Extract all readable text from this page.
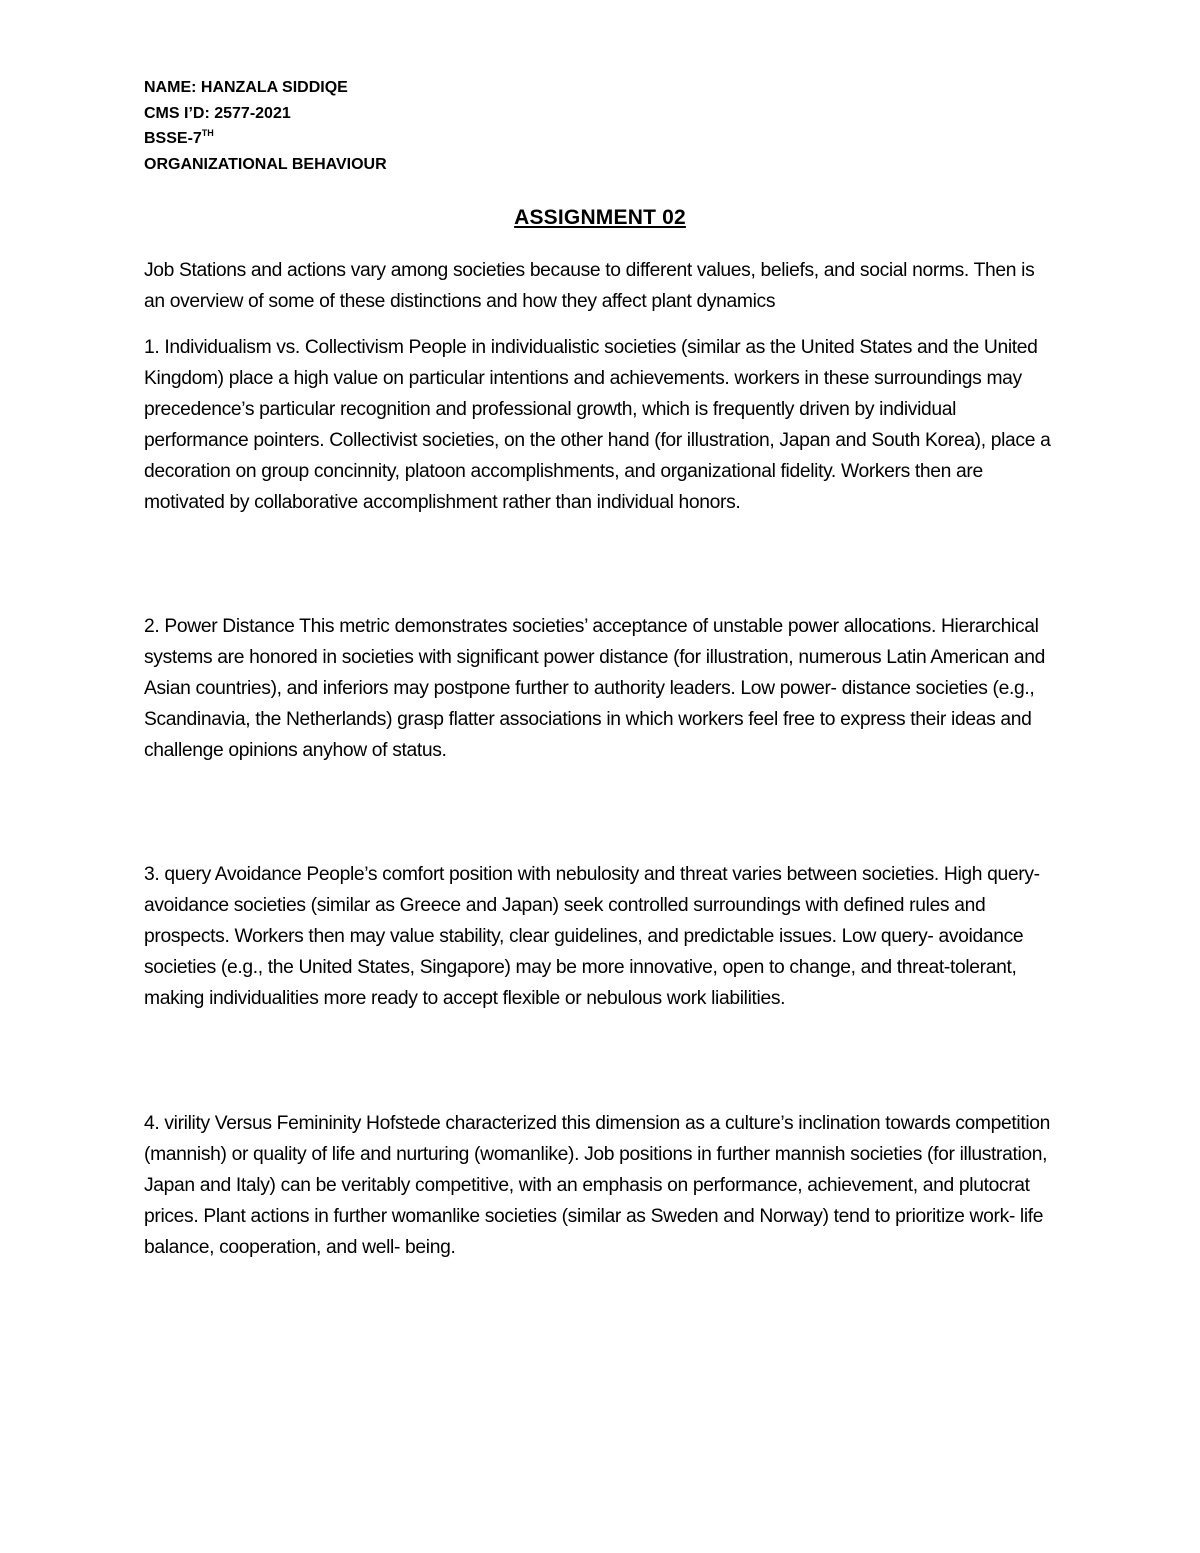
NAME: HANZALA SIDDIQE
CMS I’D: 2577-2021
BSSE-7TH
ORGANIZATIONAL BEHAVIOUR
ASSIGNMENT 02

Job Stations and actions vary among societies because to different values, beliefs, and social norms. Then is an overview of some of these distinctions and how they affect plant dynamics

1. Individualism vs. Collectivism People in individualistic societies (similar as the United States and the United Kingdom) place a high value on particular intentions and achievements. workers in these surroundings may precedence’s particular recognition and professional growth, which is frequently driven by individual performance pointers. Collectivist societies, on the other hand (for illustration, Japan and South Korea), place a decoration on group concinnity, platoon accomplishments, and organizational fidelity. Workers then are motivated by collaborative accomplishment rather than individual honors.

2. Power Distance This metric demonstrates societies’ acceptance of unstable power allocations. Hierarchical systems are honored in societies with significant power distance (for illustration, numerous Latin American and Asian countries), and inferiors may postpone further to authority leaders. Low power- distance societies (e.g., Scandinavia, the Netherlands) grasp flatter associations in which workers feel free to express their ideas and challenge opinions anyhow of status.

3. query Avoidance People’s comfort position with nebulosity and threat varies between societies. High query- avoidance societies (similar as Greece and Japan) seek controlled surroundings with defined rules and prospects. Workers then may value stability, clear guidelines, and predictable issues. Low query- avoidance societies (e.g., the United States, Singapore) may be more innovative, open to change, and threat-tolerant, making individualities more ready to accept flexible or nebulous work liabilities.

4. virility Versus Femininity Hofstede characterized this dimension as a culture’s inclination towards competition (mannish) or quality of life and nurturing (womanlike). Job positions in further mannish societies (for illustration, Japan and Italy) can be veritably competitive, with an emphasis on performance, achievement, and plutocrat prices. Plant actions in further womanlike societies (similar as Sweden and Norway) tend to prioritize work- life balance, cooperation, and well- being.
